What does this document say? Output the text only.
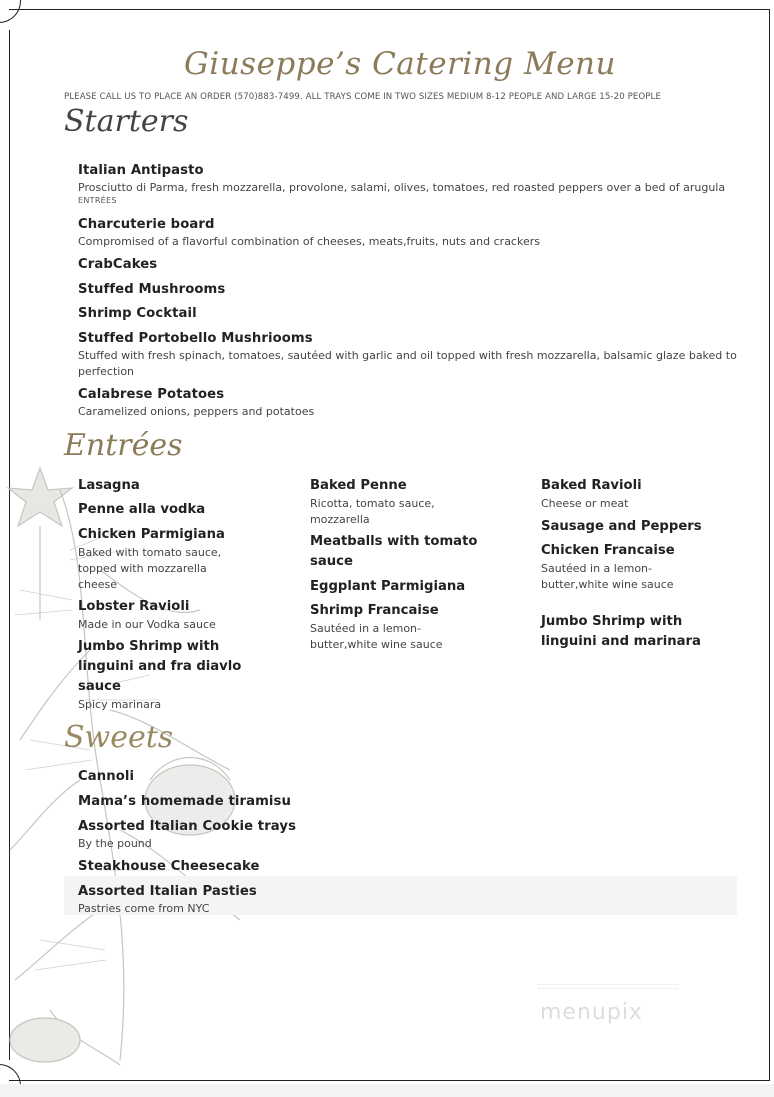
Giuseppe’s Catering Menu
PLEASE CALL US TO PLACE AN ORDER (570)883-7499. ALL TRAYS COME IN TWO SIZES MEDIUM 8-12 PEOPLE AND LARGE 15-20 PEOPLE
Starters
Italian Antipasto
Prosciutto di Parma, fresh mozzarella, provolone, salami, olives, tomatoes, red roasted peppers over a bed of arugula
ENTRÉES
Charcuterie board
Compromised of a flavorful combination of cheeses, meats,fruits, nuts and crackers
CrabCakes
Stuffed Mushrooms
Shrimp Cocktail
Stuffed Portobello Mushriooms
Stuffed with fresh spinach, tomatoes, sautéed with garlic and oil topped with fresh mozzarella, balsamic glaze baked to perfection
Calabrese Potatoes
Caramelized onions, peppers and potatoes
Entrées
Lasagna
Penne alla vodka
Chicken Parmigiana
Baked with tomato sauce, topped with mozzarella cheese
Lobster Ravioli
Made in our Vodka sauce
Jumbo Shrimp with linguini and fra diavlo sauce
Spicy marinara
Baked Penne
Ricotta, tomato sauce, mozzarella
Meatballs with tomato sauce
Eggplant Parmigiana
Shrimp Francaise
Sautéed in a lemon-butter,white wine sauce
Baked Ravioli
Cheese or meat
Sausage and Peppers
Chicken Francaise
Sautéed in a lemon-butter,white wine sauce
Jumbo Shrimp with linguini and marinara
Sweets
Cannoli
Mama’s homemade tiramisu
Assorted Italian Cookie trays
By the pound
Steakhouse Cheesecake
Assorted Italian Pasties
Pastries come from NYC
menupix
